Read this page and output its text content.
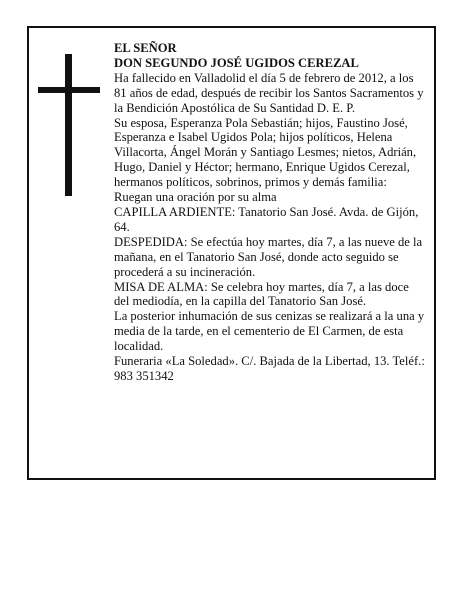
EL SEÑOR
DON SEGUNDO JOSÉ UGIDOS CEREZAL

Ha fallecido en Valladolid el día 5 de febrero de 2012, a los 81 años de edad, después de recibir los Santos Sacramentos y la Bendición Apostólica de Su Santidad D. E. P.

Su esposa, Esperanza Pola Sebastián; hijos, Faustino José, Esperanza e Isabel Ugidos Pola; hijos políticos, Helena Villacorta, Ángel Morán y Santiago Lesmes; nietos, Adrián, Hugo, Daniel y Héctor; hermano, Enrique Ugidos Cerezal, hermanos políticos, sobrinos, primos y demás familia:

Ruegan una oración por su alma

CAPILLA ARDIENTE: Tanatorio San José. Avda. de Gijón, 64.

DESPEDIDA: Se efectúa hoy martes, día 7, a las nueve de la mañana, en el Tanatorio San José, donde acto seguido se procederá a su incineración.

MISA DE ALMA: Se celebra hoy martes, día 7, a las doce del mediodía, en la capilla del Tanatorio San José.

La posterior inhumación de sus cenizas se realizará a la una y media de la tarde, en el cementerio de El Carmen, de esta localidad.

Funeraria «La Soledad». C/. Bajada de la Libertad, 13. Teléf.: 983 351342
